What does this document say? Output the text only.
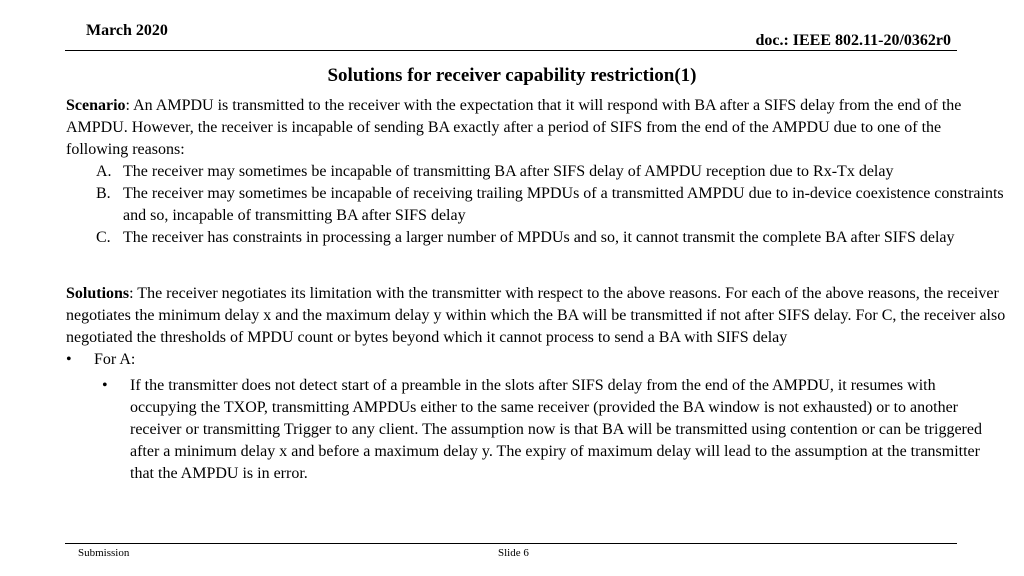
March 2020
doc.: IEEE 802.11-20/0362r0
Solutions for receiver capability restriction(1)

Scenario: An AMPDU is transmitted to the receiver with the expectation that it will respond with BA after a SIFS delay from the end of the AMPDU. However, the receiver is incapable of sending BA exactly after a period of SIFS from the end of the AMPDU due to one of the following reasons:

A. The receiver may sometimes be incapable of transmitting BA after SIFS delay of AMPDU reception due to Rx-Tx delay
B. The receiver may sometimes be incapable of receiving trailing MPDUs of a transmitted AMPDU due to in-device coexistence constraints and so, incapable of transmitting BA after SIFS delay
C. The receiver has constraints in processing a larger number of MPDUs and so, it cannot transmit the complete BA after SIFS delay

Solutions: The receiver negotiates its limitation with the transmitter with respect to the above reasons. For each of the above reasons, the receiver negotiates the minimum delay x and the maximum delay y within which the BA will be transmitted if not after SIFS delay. For C, the receiver also negotiated the thresholds of MPDU count or bytes beyond which it cannot process to send a BA with SIFS delay

• For A:
• If the transmitter does not detect start of a preamble in the slots after SIFS delay from the end of the AMPDU, it resumes with occupying the TXOP, transmitting AMPDUs either to the same receiver (provided the BA window is not exhausted) or to another receiver or transmitting Trigger to any client. The assumption now is that BA will be transmitted using contention or can be triggered after a minimum delay x and before a maximum delay y. The expiry of maximum delay will lead to the assumption at the transmitter that the AMPDU is in error.
Submission	Slide 6
